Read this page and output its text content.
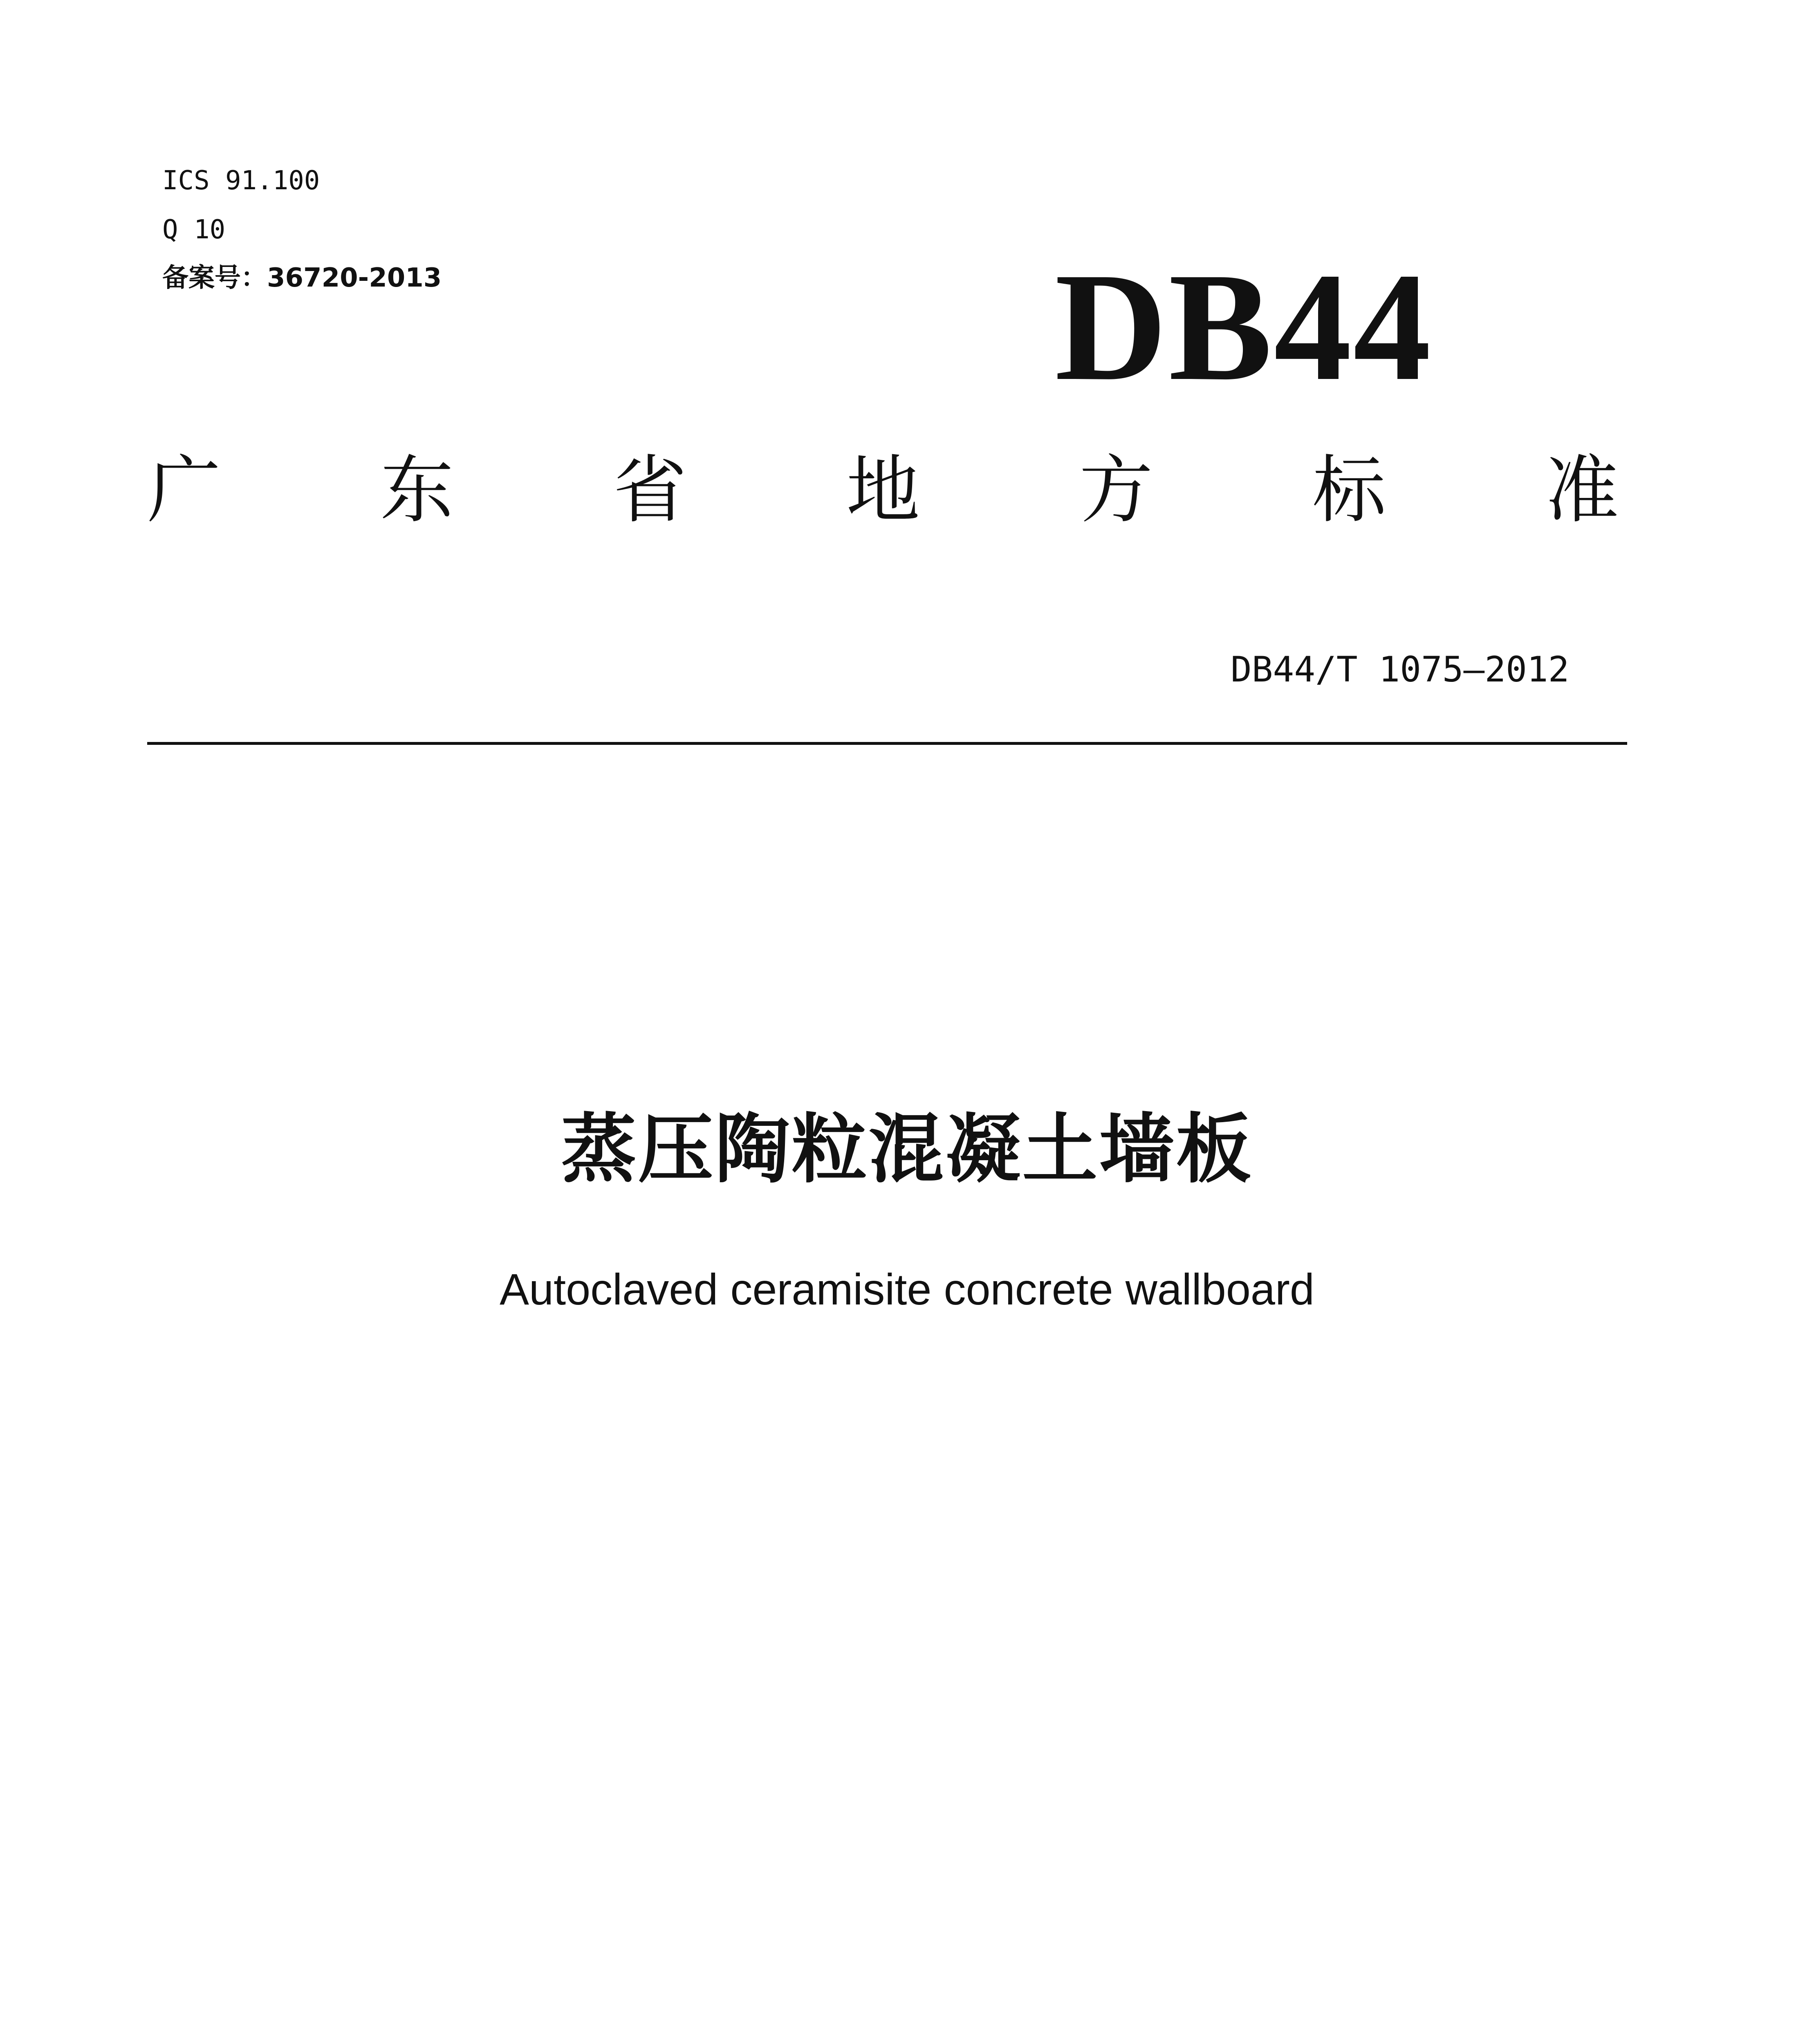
ICS 91.100
Q 10
备案号：36720-2013	DB44
广 东 省 地 方 标 准
DB44/T 1075—2012
蒸压陶粒混凝土墙板
Autoclaved ceramisite concrete wallboard
